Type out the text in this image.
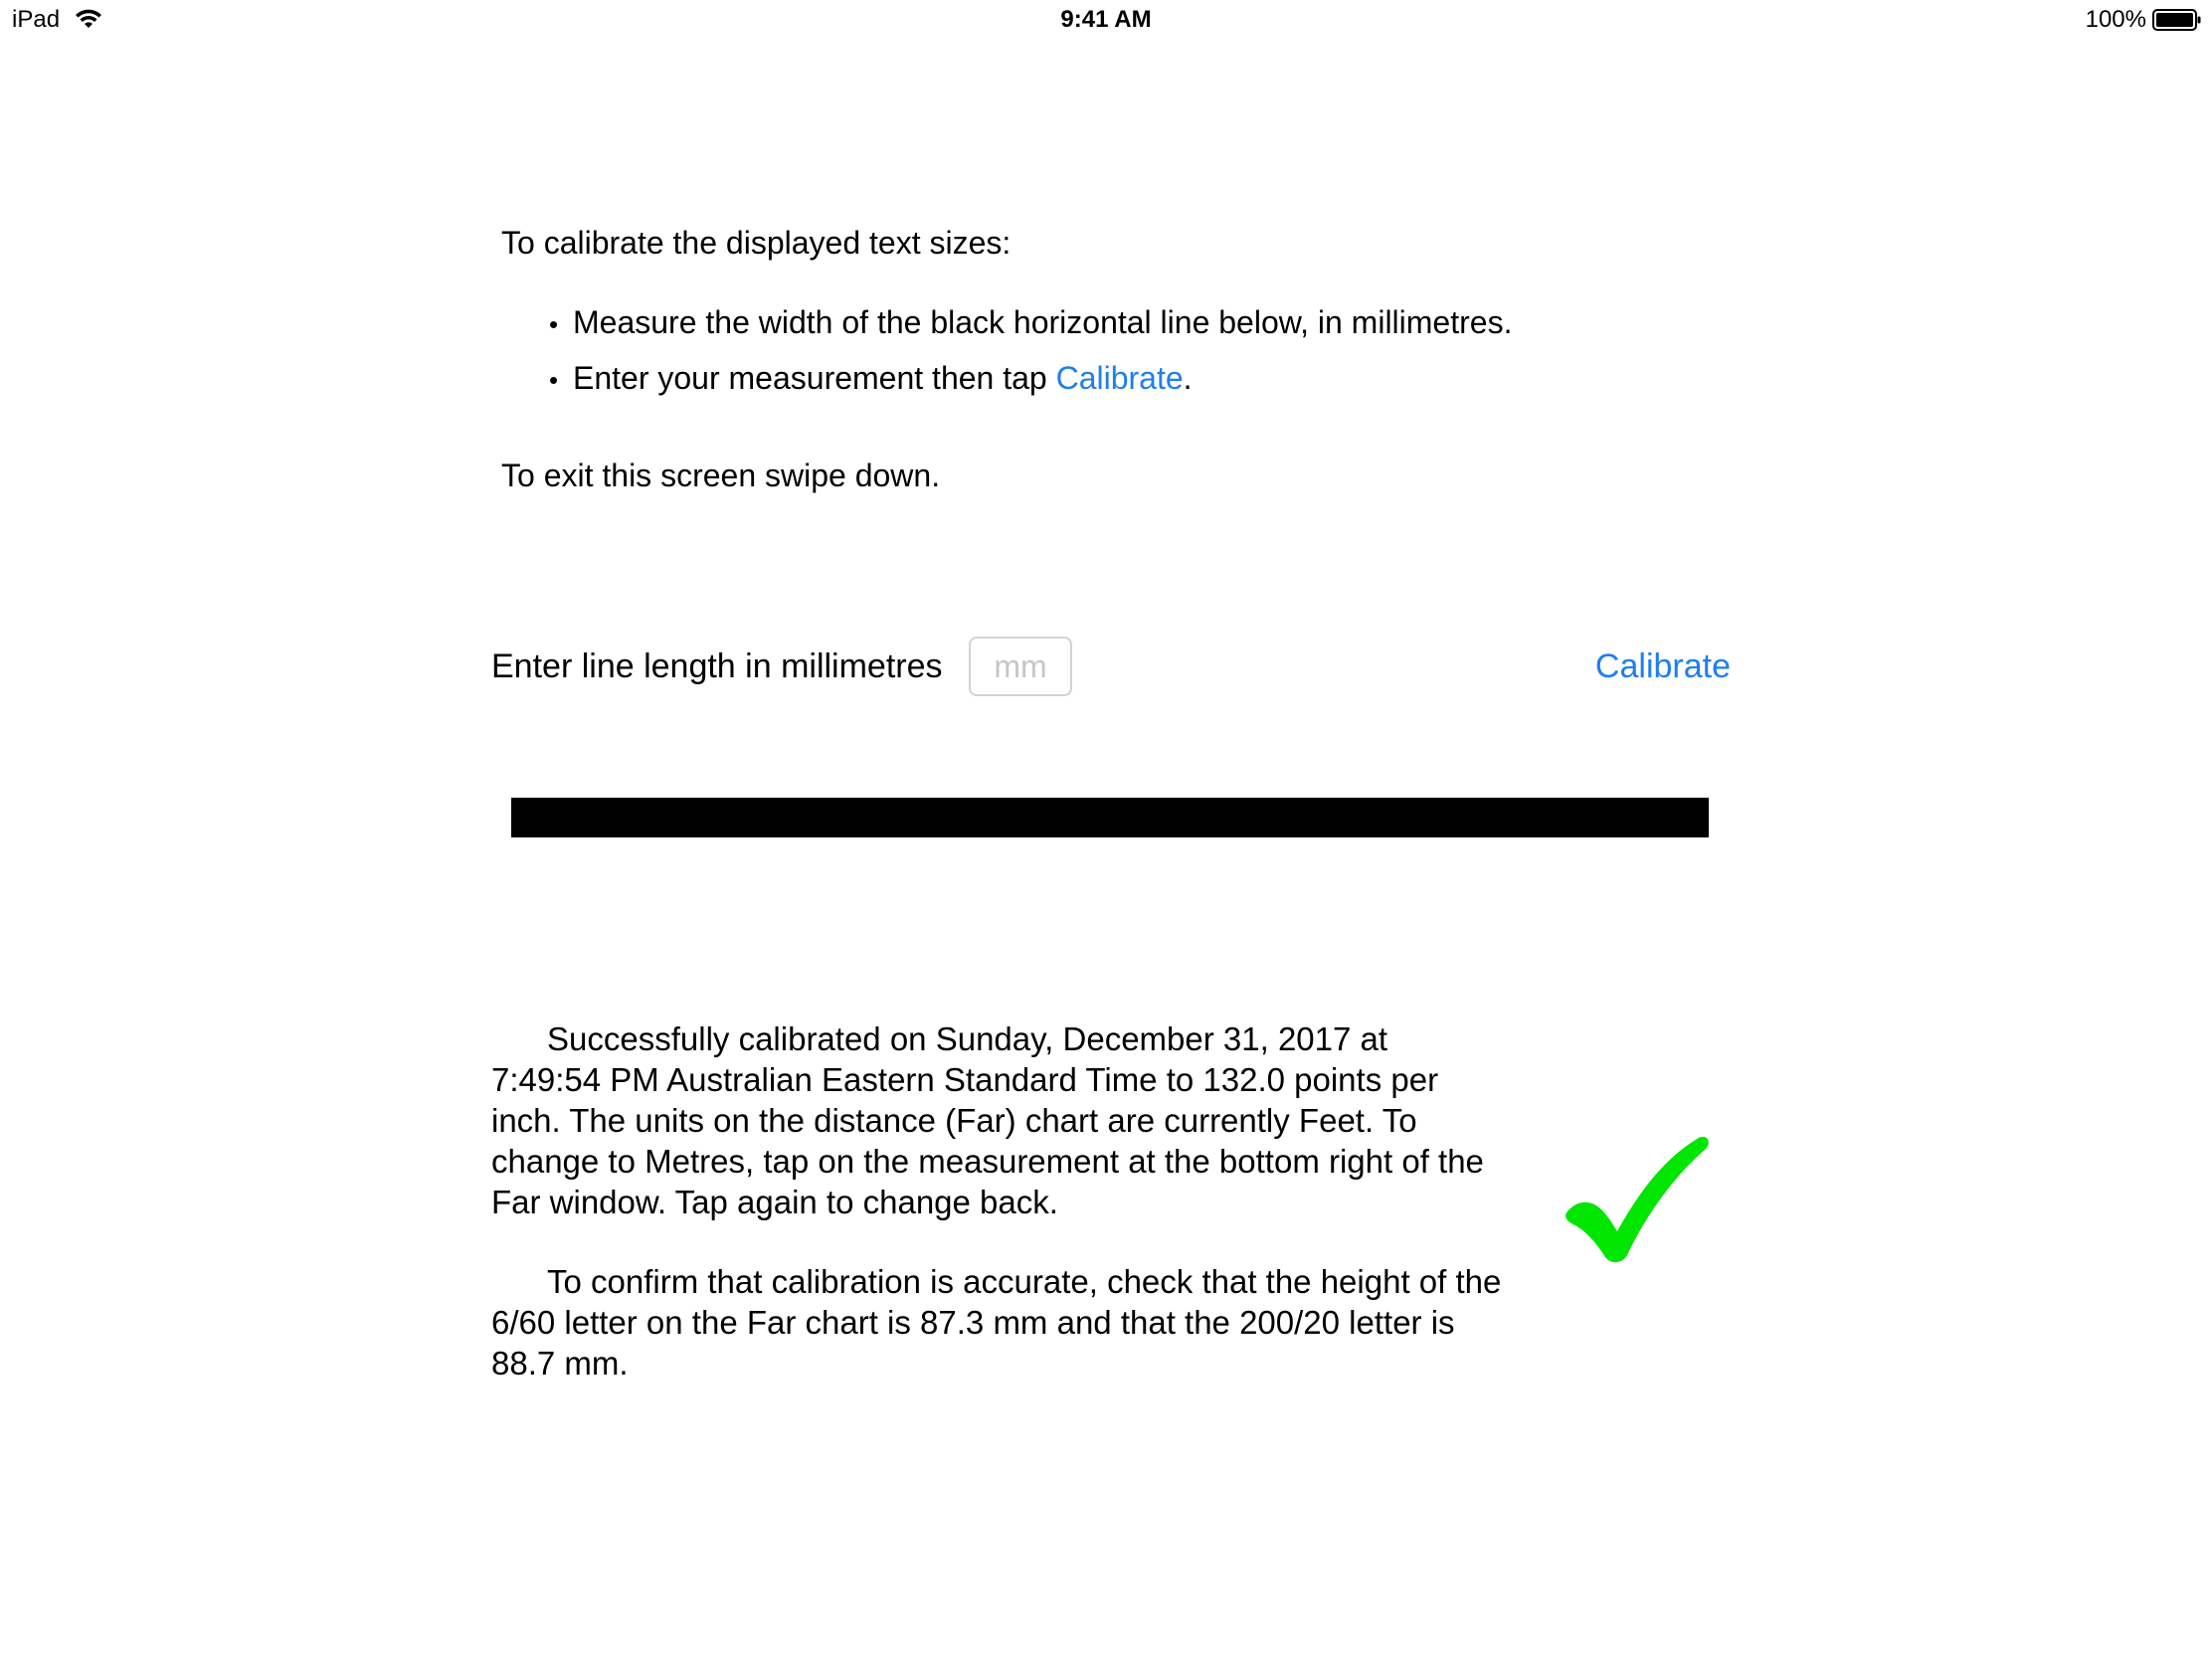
iPad	9:41 AM	100%
To calibrate the displayed text sizes:
• Measure the width of the black horizontal line below, in millimetres.
• Enter your measurement then tap Calibrate.
To exit this screen swipe down.
Enter line length in millimetres
mm	Calibrate

Successfully calibrated on Sunday, December 31, 2017 at 7:49:54 PM Australian Eastern Standard Time to 132.0 points per inch. The units on the distance (Far) chart are currently Feet. To change to Metres, tap on the measurement at the bottom right of the Far window. Tap again to change back.

To confirm that calibration is accurate, check that the height of the 6/60 letter on the Far chart is 87.3 mm and that the 200/20 letter is 88.7 mm.
